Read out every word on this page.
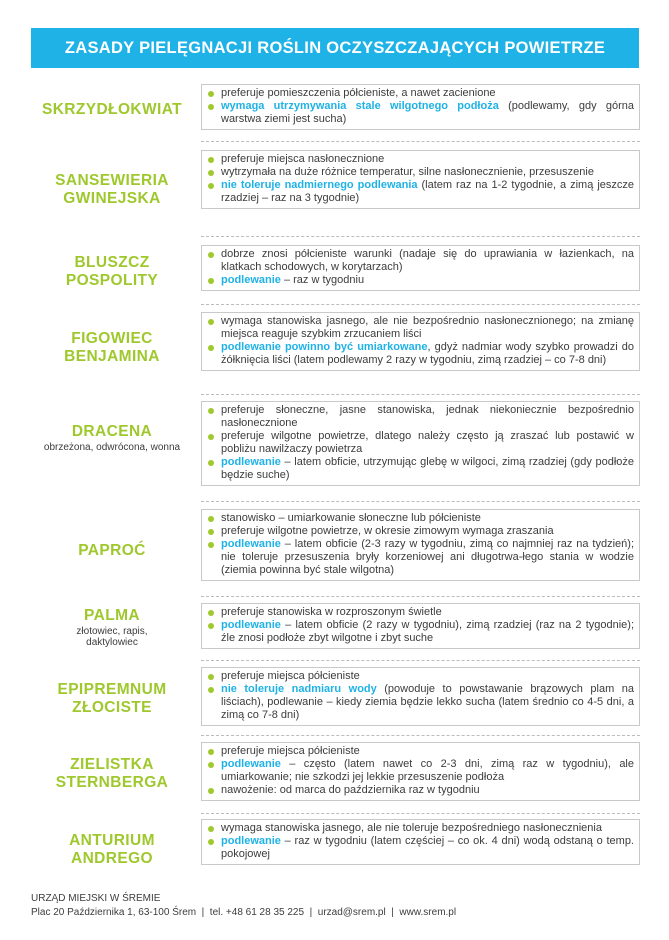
ZASADY PIELĘGNACJI ROŚLIN OCZYSZCZAJĄCYCH POWIETRZE
SKRZYDŁOKWIAT

preferuje pomieszczenia półcieniste, a nawet zacienione

wymaga utrzymywania stale wilgotnego podłoża (podlewamy, gdy górna warstwa ziemi jest sucha)

SANSEWIERIA
GWINEJSKA

preferuje miejsca nasłonecznione

wytrzymała na duże różnice temperatur, silne nasłonecznienie, przesuszenie

nie toleruje nadmiernego podlewania (latem raz na 1-2 tygodnie, a zimą jeszcze rzadziej – raz na 3 tygodnie)

BLUSZCZ
POSPOLITY

dobrze znosi półcieniste warunki (nadaje się do uprawiania w łazienkach, na klatkach schodowych, w korytarzach)

podlewanie – raz w tygodniu

FIGOWIEC
BENJAMINA

wymaga stanowiska jasnego, ale nie bezpośrednio nasłonecznionego; na zmianę miejsca reaguje szybkim zrzucaniem liści

podlewanie powinno być umiarkowane, gdyż nadmiar wody szybko prowadzi do żółknięcia liści (latem podlewamy 2 razy w tygodniu, zimą rzadziej – co 7-8 dni)

DRACENA
obrzeżona, odwrócona, wonna

preferuje słoneczne, jasne stanowiska, jednak niekoniecznie bezpośrednio nasłonecznione

preferuje wilgotne powietrze, dlatego należy często ją zraszać lub postawić w pobliżu nawilżaczy powietrza

podlewanie – latem obficie, utrzymując glebę w wilgoci, zimą rzadziej (gdy podłoże będzie suche)

PAPROĆ

stanowisko – umiarkowanie słoneczne lub półcieniste

preferuje wilgotne powietrze, w okresie zimowym wymaga zraszania

podlewanie – latem obficie (2-3 razy w tygodniu, zimą co najmniej raz na tydzień); nie toleruje przesuszenia bryły korzeniowej ani długotrwa-łego stania w wodzie (ziemia powinna być stale wilgotna)

PALMA
złotowiec, rapis, daktylowiec

preferuje stanowiska w rozproszonym świetle

podlewanie – latem obficie (2 razy w tygodniu), zimą rzadziej (raz na 2 tygodnie); źle znosi podłoże zbyt wilgotne i zbyt suche

EPIPREMNUM
ZŁOCISTE

preferuje miejsca półcieniste

nie toleruje nadmiaru wody (powoduje to powstawanie brązowych plam na liściach), podlewanie – kiedy ziemia będzie lekko sucha (latem średnio co 4-5 dni, a zimą co 7-8 dni)

ZIELISTKA
STERNBERGA

preferuje miejsca półcieniste

podlewanie – często (latem nawet co 2-3 dni, zimą raz w tygodniu), ale umiarkowanie; nie szkodzi jej lekkie przesuszenie podłoża

nawożenie: od marca do października raz w tygodniu

ANTURIUM
ANDREGO

wymaga stanowiska jasnego, ale nie toleruje bezpośredniego nasłonecznienia

podlewanie – raz w tygodniu (latem częściej – co ok. 4 dni) wodą odstaną o temp. pokojowej

URZĄD MIEJSKI W ŚREMIE
Plac 20 Października 1, 63-100 Śrem  |  tel. +48 61 28 35 225  |  urzad@srem.pl  |  www.srem.pl
